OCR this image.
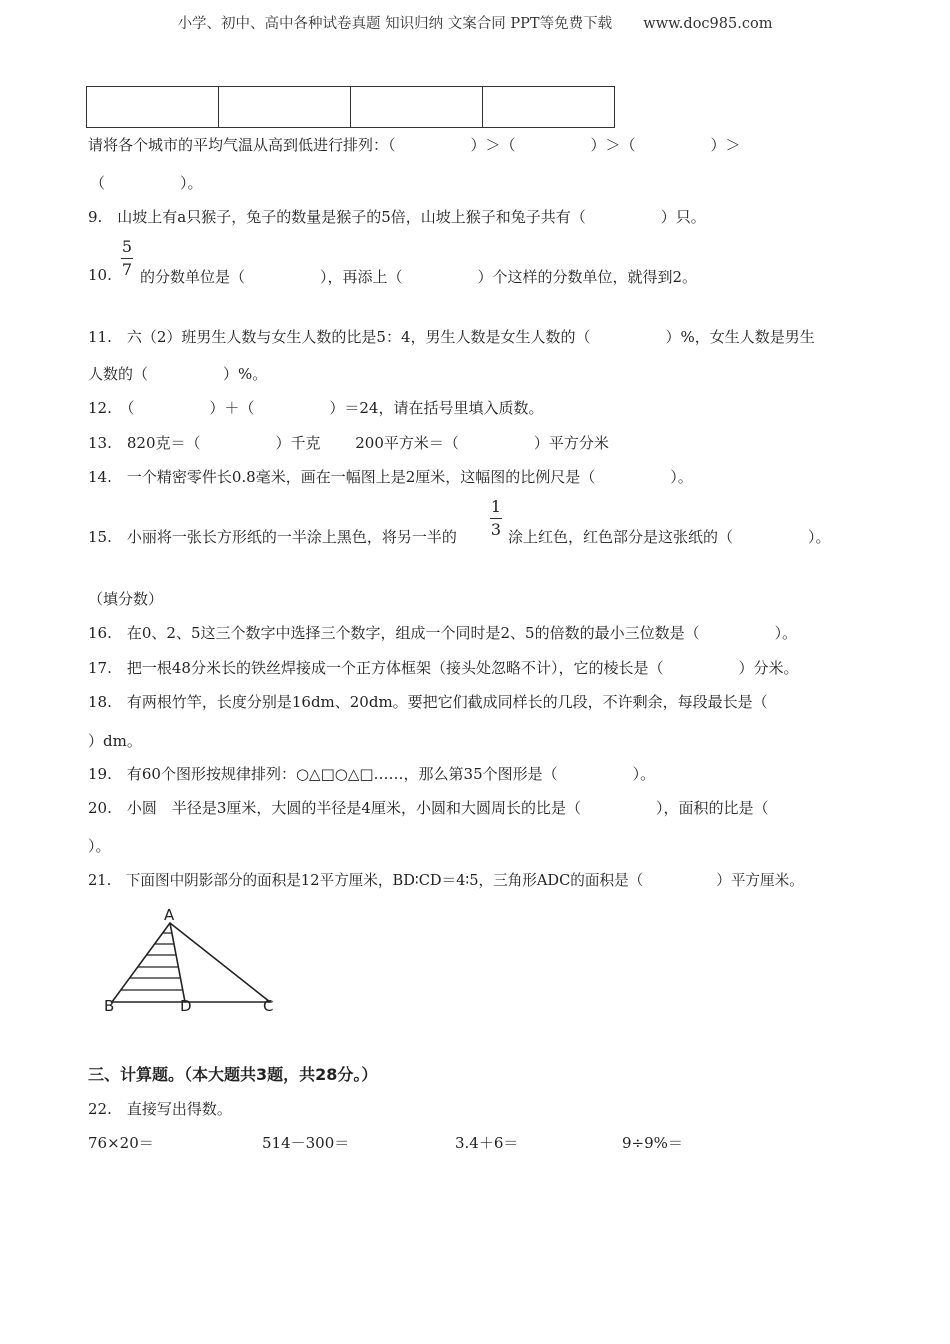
小学、初中、高中各种试卷真题 知识归纳 文案合同 PPT等免费下载 www.doc985.com

请将各个城市的平均气温从高到低进行排列：（　　　　　）＞（　　　　　）＞（　　　　　）＞
（　　　　　）。
9.　山坡上有a只猴子，兔子的数量是猴子的5倍，山坡上猴子和兔子共有（　　　　　）只。
10.
5
7 的分数单位是（　　　　　），再添上（　　　　　）个这样的分数单位，就得到2。
11.　六（2）班男生人数与女生人数的比是5：4，男生人数是女生人数的（　　　　　）%，女生人数是男生
人数的（　　　　　）%。
12.　（　　　　　）＋（　　　　　）＝24，请在括号里填入质数。
13.　820克＝（　　　　　）千克　　 200平方米＝（　　　　　）平方分米
14.　一个精密零件长0.8毫米，画在一幅图上是2厘米，这幅图的比例尺是（　　　　　）。
15.　小丽将一张长方形纸的一半涂上黑色，将另一半的
1
3 涂上红色，红色部分是这张纸的（　　　　　）。
（填分数）
16.　在0、2、5这三个数字中选择三个数字，组成一个同时是2、5的倍数的最小三位数是（　　　　　）。
17.　把一根48分米长的铁丝焊接成一个正方体框架（接头处忽略不计），它的棱长是（　　　　　）分米。
18.　有两根竹竿，长度分别是16dm、20dm。要把它们截成同样长的几段，不许剩余，每段最长是（
）dm。
19.　有60个图形按规律排列：○△□○△□……，那么第35个图形是（　　　　　）。
20.　小圆　半径是3厘米，大圆的半径是4厘米，小圆和大圆周长的比是（　　　　　），面积的比是（
）。
21.　下面图中阴影部分的面积是12平方厘米，BD∶CD＝4∶5，三角形ADC的面积是（　　　　　）平方厘米。
A
B	D	C
三、计算题。（本大题共3题，共28分。）
22.　直接写出得数。
76×20＝	514－300＝	3.4＋6＝	9÷9%＝
